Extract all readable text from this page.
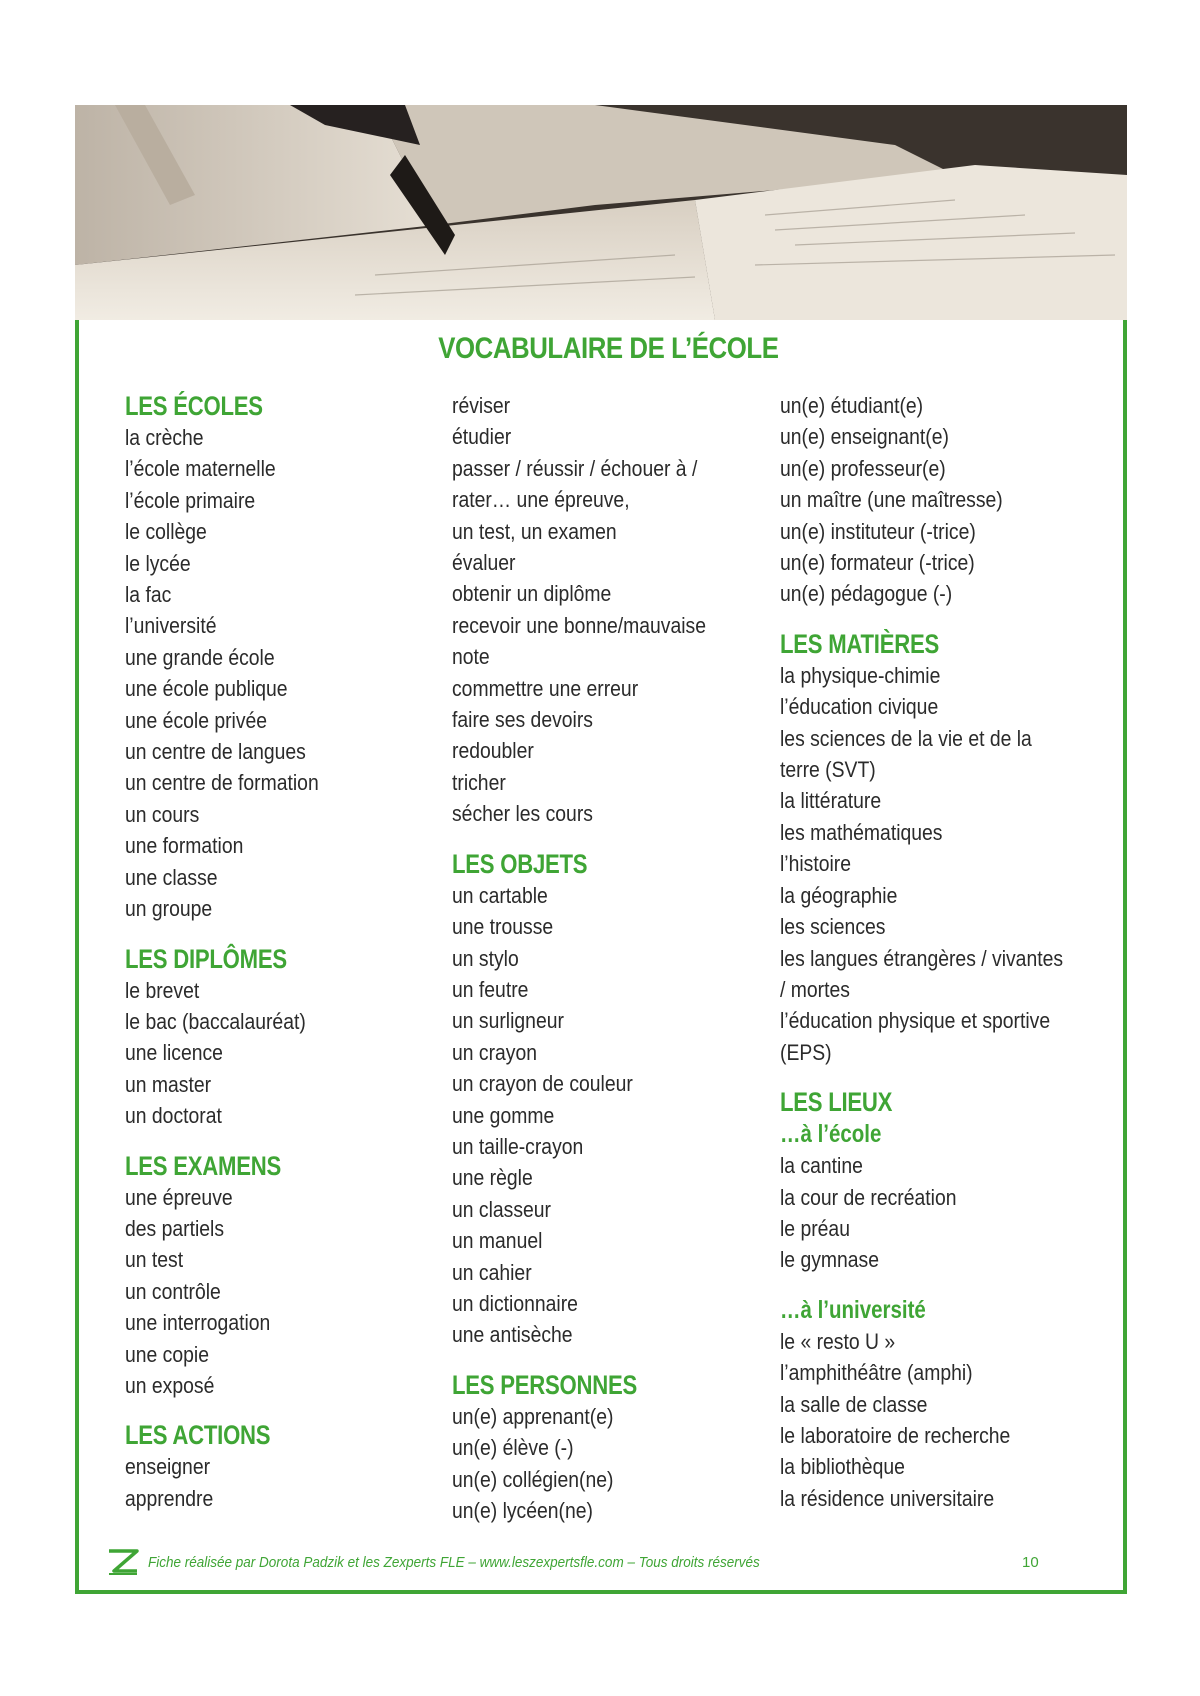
VOCABULAIRE DE L’ÉCOLE
LES ÉCOLES
la crèche
l’école maternelle
l’école primaire
le collège
le lycée
la fac
l’université
une grande école
une école publique
une école privée
un centre de langues
un centre de formation
un cours
une formation
une classe
un groupe
LES DIPLÔMES
le brevet
le bac (baccalauréat)
une licence
un master
un doctorat
LES EXAMENS
une épreuve
des partiels
un test
un contrôle
une interrogation
une copie
un exposé
LES ACTIONS
enseigner
apprendre
réviser
étudier
passer / réussir / échouer à /
rater… une épreuve,
un test, un examen
évaluer
obtenir un diplôme
recevoir une bonne/mauvaise
note
commettre une erreur
faire ses devoirs
redoubler
tricher
sécher les cours
LES OBJETS
un cartable
une trousse
un stylo
un feutre
un surligneur
un crayon
un crayon de couleur
une gomme
un taille-crayon
une règle
un classeur
un manuel
un cahier
un dictionnaire
une antisèche
LES PERSONNES
un(e) apprenant(e)
un(e) élève (-)
un(e) collégien(ne)
un(e) lycéen(ne)
un(e) étudiant(e)
un(e) enseignant(e)
un(e) professeur(e)
un maître (une maîtresse)
un(e) instituteur (-trice)
un(e) formateur (-trice)
un(e) pédagogue (-)
LES MATIÈRES
la physique-chimie
l’éducation civique
les sciences de la vie et de la
terre (SVT)
la littérature
les mathématiques
l’histoire
la géographie
les sciences
les langues étrangères / vivantes
/ mortes
l’éducation physique et sportive
(EPS)
LES LIEUX
…à l’école
la cantine
la cour de recréation
le préau
le gymnase
…à l’université
le « resto U »
l’amphithéâtre (amphi)
la salle de classe
le laboratoire de recherche
la bibliothèque
la résidence universitaire
Fiche réalisée par Dorota Padzik et les Zexperts FLE – www.leszexpertsfle.com – Tous droits réservés	10
